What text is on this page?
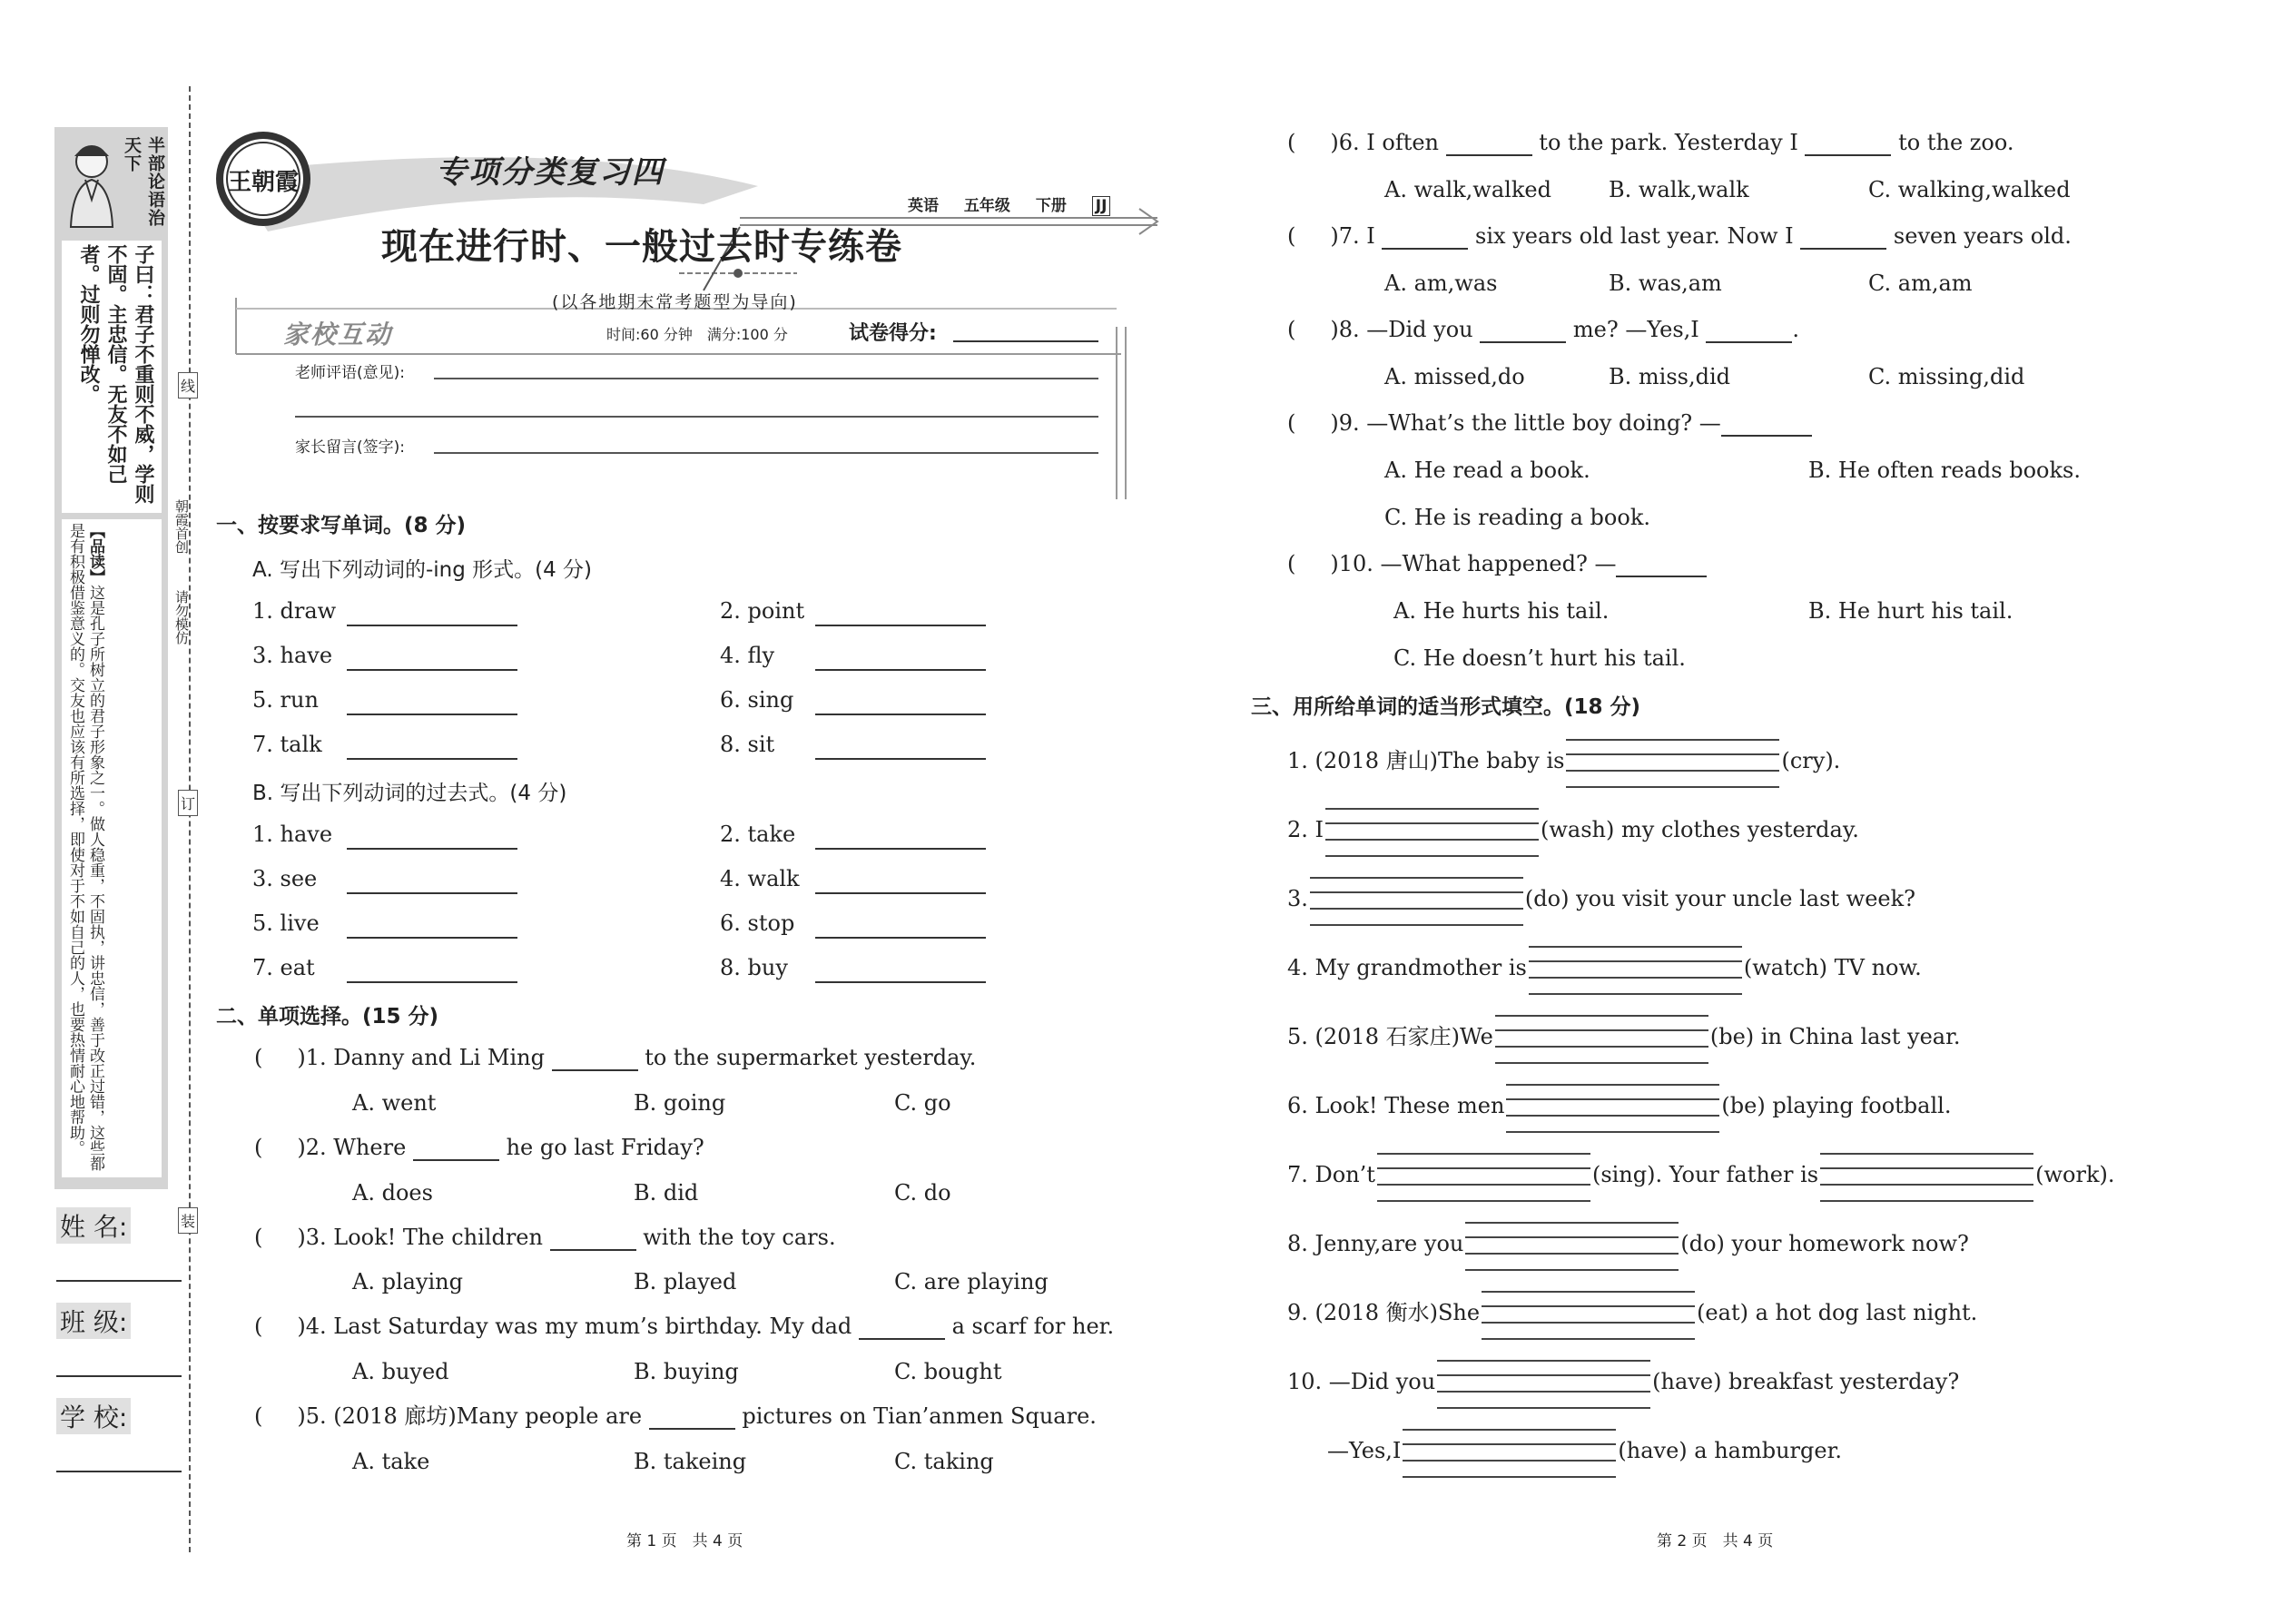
半部论语治天下
子曰：君子不重则不威，学则不固。主忠信。无友不如己者。过则勿惮改。
【品读】这是孔子所树立的君子形象之一。做人稳重，不固执，讲忠信，善于改正过错，这些都是有积极借鉴意义的。交友也应该有所选择，即使对于不如自己的人，也要热情耐心地帮助。
姓 名:
班 级:
学 校:
线
订
装
朝霞首创
请勿模仿
王朝霞	专项分类复习四
英语 五年级 下册 JJ
现在进行时、一般过去时专练卷
(以各地期末常考题型为导向)
家校互动	时间:60 分钟　满分:100 分	试卷得分:
老师评语(意见):
家长留言(签字):
一、按要求写单词。(8 分)
A. 写出下列动词的-ing 形式。(4 分)
1. draw	2. point
3. have	4. fly
5. run	6. sing
7. talk	8. sit
B. 写出下列动词的过去式。(4 分)
1. have	2. take
3. see	4. walk
5. live	6. stop
7. eat	8. buy
二、单项选择。(15 分)
( )1. Danny and Li Ming	to the supermarket yesterday.
A. went	B. going	C. go
( )2. Where	he go last Friday?
A. does	B. did	C. do
( )3. Look! The children	with the toy cars.
A. playing	B. played	C. are playing
( )4. Last Saturday was my mum’s birthday. My dad	a scarf for her.
A. buyed	B. buying	C. bought
( )5. (2018 廊坊)Many people are	pictures on Tian’anmen Square.
A. take	B. takeing	C. taking
第 1 页　共 4 页
( )6. I often	to the park. Yesterday I	to the zoo.
A. walk,walked	B. walk,walk	C. walking,walked
( )7. I	six years old last year. Now I	seven years old.
A. am,was	B. was,am	C. am,am
( )8. —Did you	me? —Yes,I	.
A. missed,do	B. miss,did	C. missing,did
( )9. —What’s the little boy doing? —
A. He read a book.	B. He often reads books.
C. He is reading a book.
( )10. —What happened? —
A. He hurts his tail.	B. He hurt his tail.
C. He doesn’t hurt his tail.
三、用所给单词的适当形式填空。(18 分)
1. (2018 唐山)The baby is	(cry).
2. I	(wash) my clothes yesterday.
3.	(do) you visit your uncle last week?
4. My grandmother is	(watch) TV now.
5. (2018 石家庄)We	(be) in China last year.
6. Look! These men	(be) playing football.
7. Don’t	(sing). Your father is	(work).
8. Jenny,are you	(do) your homework now?
9. (2018 衡水)She	(eat) a hot dog last night.
10. —Did you	(have) breakfast yesterday?
—Yes,I	(have) a hamburger.
第 2 页　共 4 页
